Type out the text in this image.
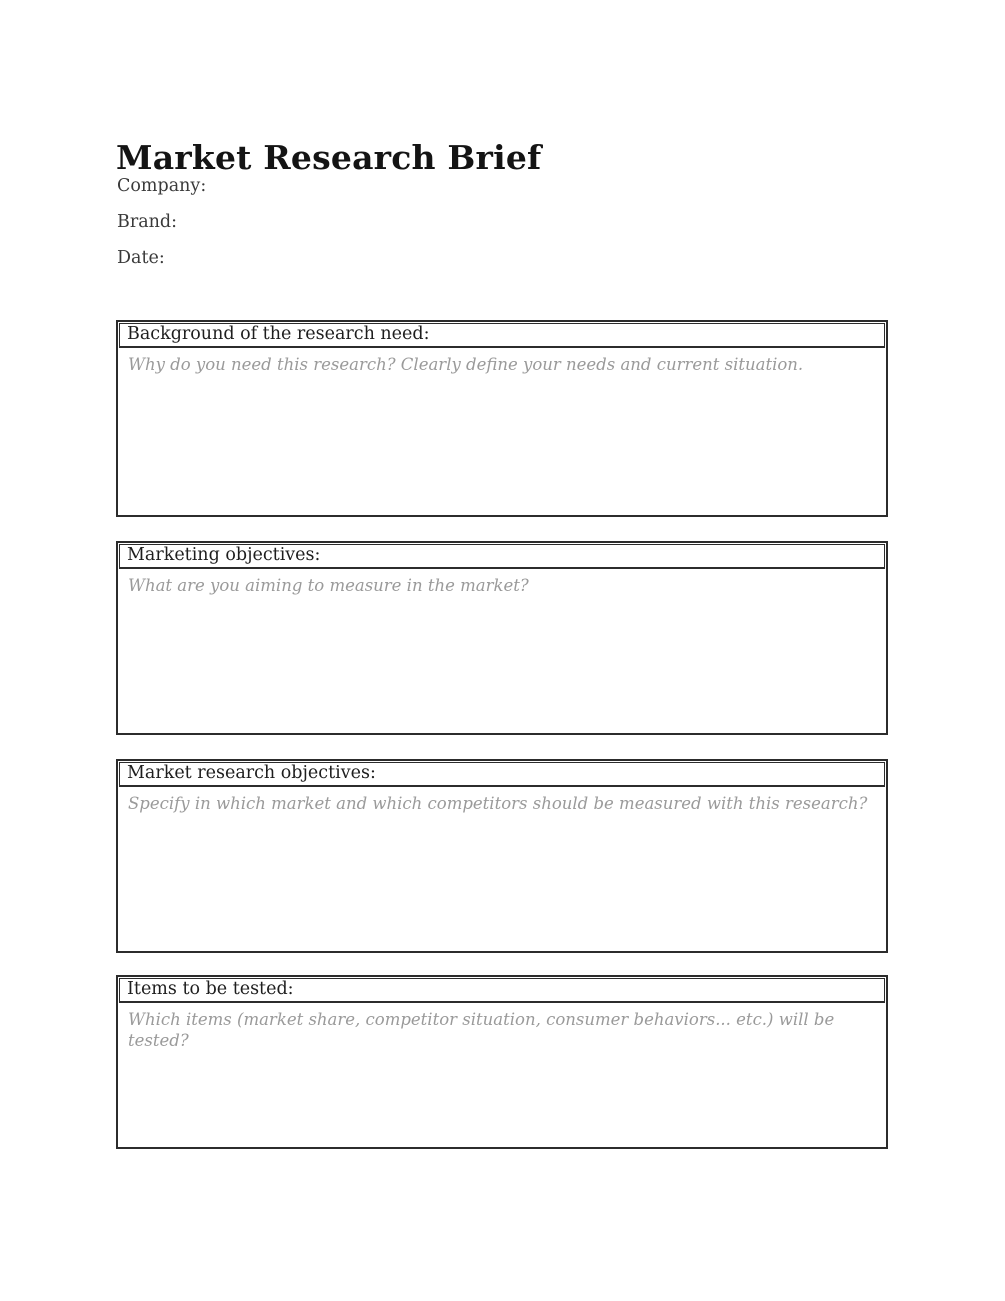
Market Research Brief
Company:
Brand:
Date:
Background of the research need:
Why do you need this research? Clearly define your needs and current situation.
Marketing objectives:
What are you aiming to measure in the market?
Market research objectives:
Specify in which market and which competitors should be measured with this research?
Items to be tested:
Which items (market share, competitor situation, consumer behaviors... etc.) will be tested?
